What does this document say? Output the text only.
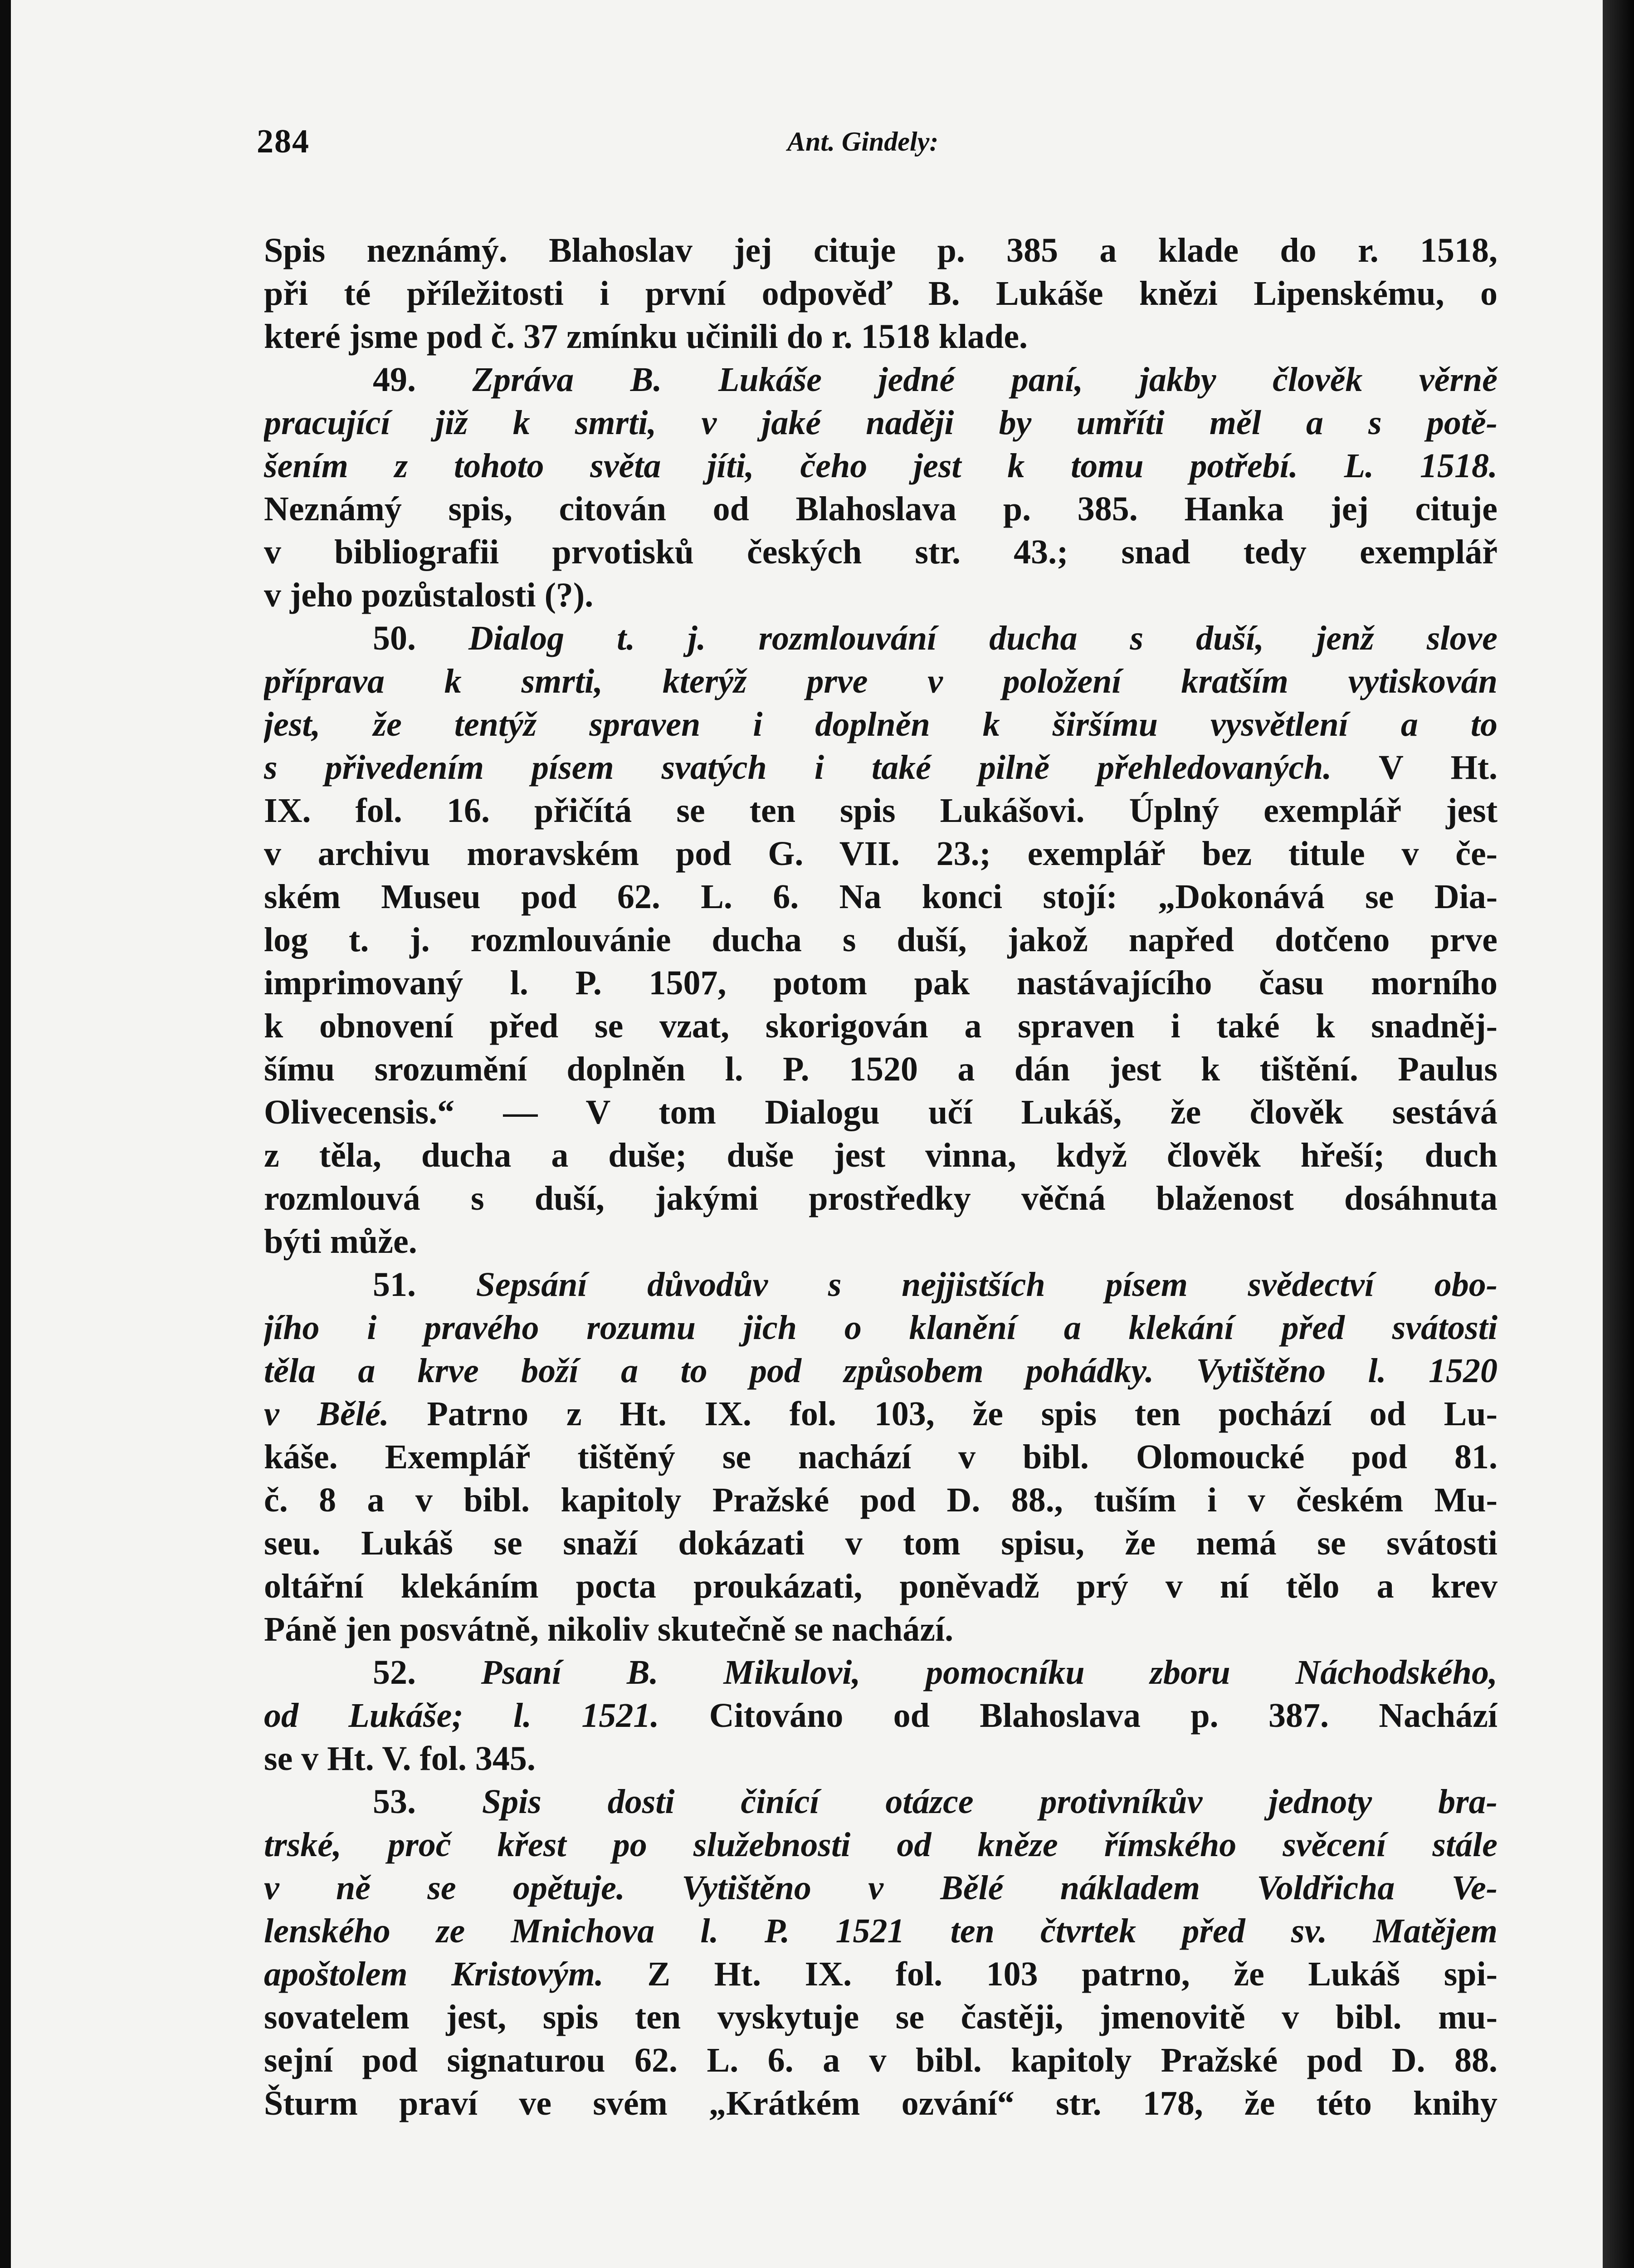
284	Ant. Gindely:
Spis neznámý. Blahoslav jej cituje p. 385 a klade do r. 1518,
při té příležitosti i první odpověď B. Lukáše knězi Lipenskému, o
které jsme pod č. 37 zmínku učinili do r. 1518 klade.
49. Zpráva B. Lukáše jedné paní, jakby člověk věrně
pracující již k smrti, v jaké naději by umříti měl a s potě-
šením z tohoto světa jíti, čeho jest k tomu potřebí. L. 1518.
Neznámý spis, citován od Blahoslava p. 385. Hanka jej cituje
v bibliografii prvotisků českých str. 43.; snad tedy exemplář
v jeho pozůstalosti (?).
50. Dialog t. j. rozmlouvání ducha s duší, jenž slove
příprava k smrti, kterýž prve v položení kratším vytiskován
jest, že tentýž spraven i doplněn k širšímu vysvětlení a to
s přivedením písem svatých i také pilně přehledovaných. V Ht.
IX. fol. 16. přičítá se ten spis Lukášovi. Úplný exemplář jest
v archivu moravském pod G. VII. 23.; exemplář bez titule v če-
ském Museu pod 62. L. 6. Na konci stojí: „Dokonává se Dia-
log t. j. rozmlouvánie ducha s duší, jakož napřed dotčeno prve
imprimovaný l. P. 1507, potom pak nastávajícího času morního
k obnovení před se vzat, skorigován a spraven i také k snadněj-
šímu srozumění doplněn l. P. 1520 a dán jest k tištění. Paulus
Olivecensis.“ — V tom Dialogu učí Lukáš, že člověk sestává
z těla, ducha a duše; duše jest vinna, když člověk hřeší; duch
rozmlouvá s duší, jakými prostředky věčná blaženost dosáhnuta
býti může.
51. Sepsání důvodův s nejjistších písem svědectví obo-
jího i pravého rozumu jich o klanění a klekání před svátosti
těla a krve boží a to pod způsobem pohádky. Vytištěno l. 1520
v Bělé. Patrno z Ht. IX. fol. 103, že spis ten pochází od Lu-
káše. Exemplář tištěný se nachází v bibl. Olomoucké pod 81.
č. 8 a v bibl. kapitoly Pražské pod D. 88., tuším i v českém Mu-
seu. Lukáš se snaží dokázati v tom spisu, že nemá se svátosti
oltářní klekáním pocta proukázati, poněvadž prý v ní tělo a krev
Páně jen posvátně, nikoliv skutečně se nachází.
52. Psaní B. Mikulovi, pomocníku zboru Náchodského,
od Lukáše; l. 1521. Citováno od Blahoslava p. 387. Nachází
se v Ht. V. fol. 345.
53. Spis dosti činící otázce protivníkův jednoty bra-
trské, proč křest po služebnosti od kněze římského svěcení stále
v ně se opětuje. Vytištěno v Bělé nákladem Voldřicha Ve-
lenského ze Mnichova l. P. 1521 ten čtvrtek před sv. Matějem
apoštolem Kristovým. Z Ht. IX. fol. 103 patrno, že Lukáš spi-
sovatelem jest, spis ten vyskytuje se častěji, jmenovitě v bibl. mu-
sejní pod signaturou 62. L. 6. a v bibl. kapitoly Pražské pod D. 88.
Šturm praví ve svém „Krátkém ozvání“ str. 178, že této knihy
